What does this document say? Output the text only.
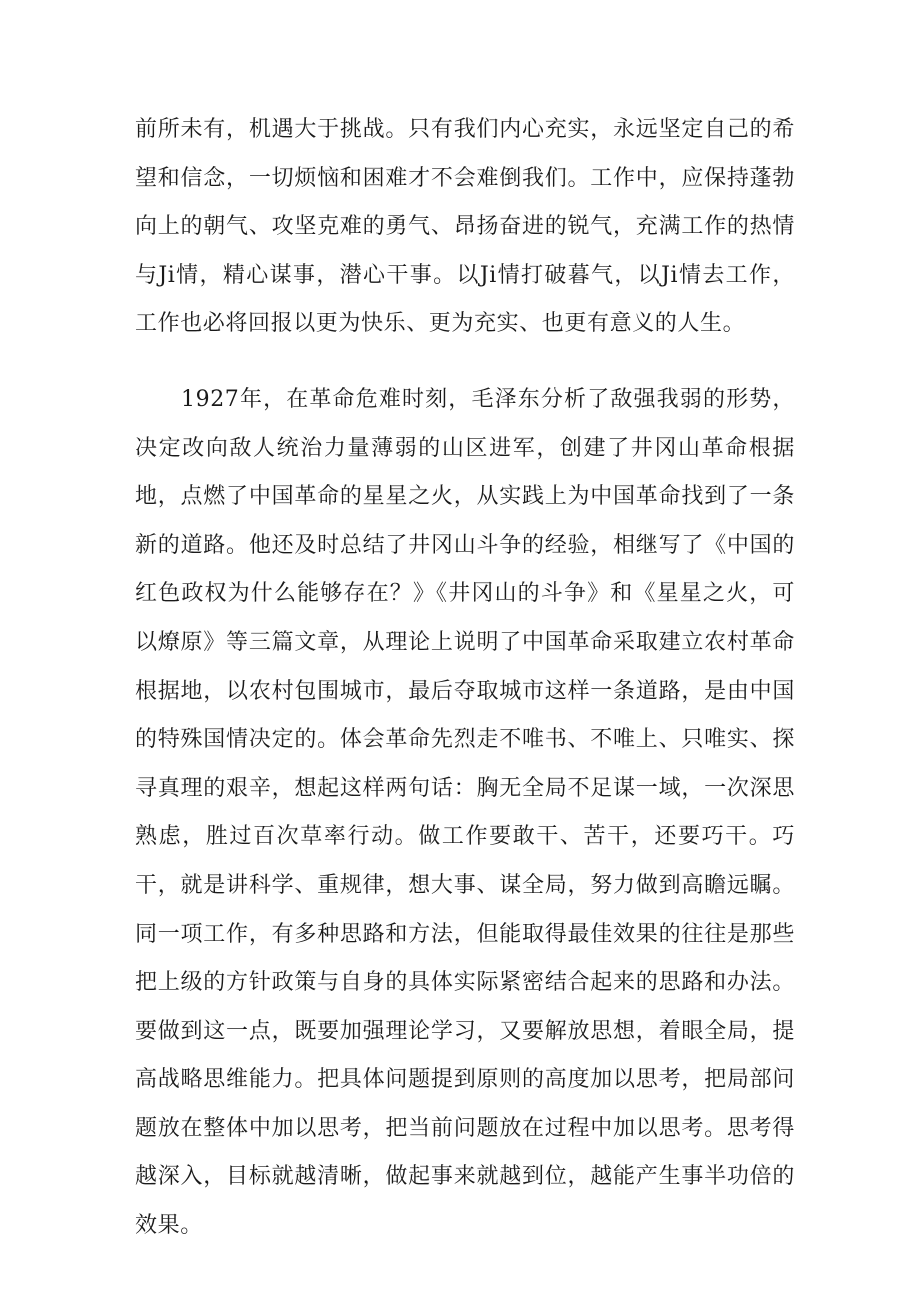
前所未有，机遇大于挑战。只有我们内心充实，永远坚定自己的希望和信念，一切烦恼和困难才不会难倒我们。工作中，应保持蓬勃向上的朝气、攻坚克难的勇气、昂扬奋进的锐气，充满工作的热情与Ji情，精心谋事，潜心干事。以Ji情打破暮气，以Ji情去工作，工作也必将回报以更为快乐、更为充实、也更有意义的人生。

1927年，在革命危难时刻，毛泽东分析了敌强我弱的形势，决定改向敌人统治力量薄弱的山区进军，创建了井冈山革命根据地，点燃了中国革命的星星之火，从实践上为中国革命找到了一条新的道路。他还及时总结了井冈山斗争的经验，相继写了《中国的红色政权为什么能够存在？》《井冈山的斗争》和《星星之火，可以燎原》等三篇文章，从理论上说明了中国革命采取建立农村革命根据地，以农村包围城市，最后夺取城市这样一条道路，是由中国的特殊国情决定的。体会革命先烈走不唯书、不唯上、只唯实、探寻真理的艰辛，想起这样两句话：胸无全局不足谋一域，一次深思熟虑，胜过百次草率行动。做工作要敢干、苦干，还要巧干。巧干，就是讲科学、重规律，想大事、谋全局，努力做到高瞻远瞩。同一项工作，有多种思路和方法，但能取得最佳效果的往往是那些把上级的方针政策与自身的具体实际紧密结合起来的思路和办法。要做到这一点，既要加强理论学习，又要解放思想，着眼全局，提高战略思维能力。把具体问题提到原则的高度加以思考，把局部问题放在整体中加以思考，把当前问题放在过程中加以思考。思考得越深入，目标就越清晰，做起事来就越到位，越能产生事半功倍的效果。
